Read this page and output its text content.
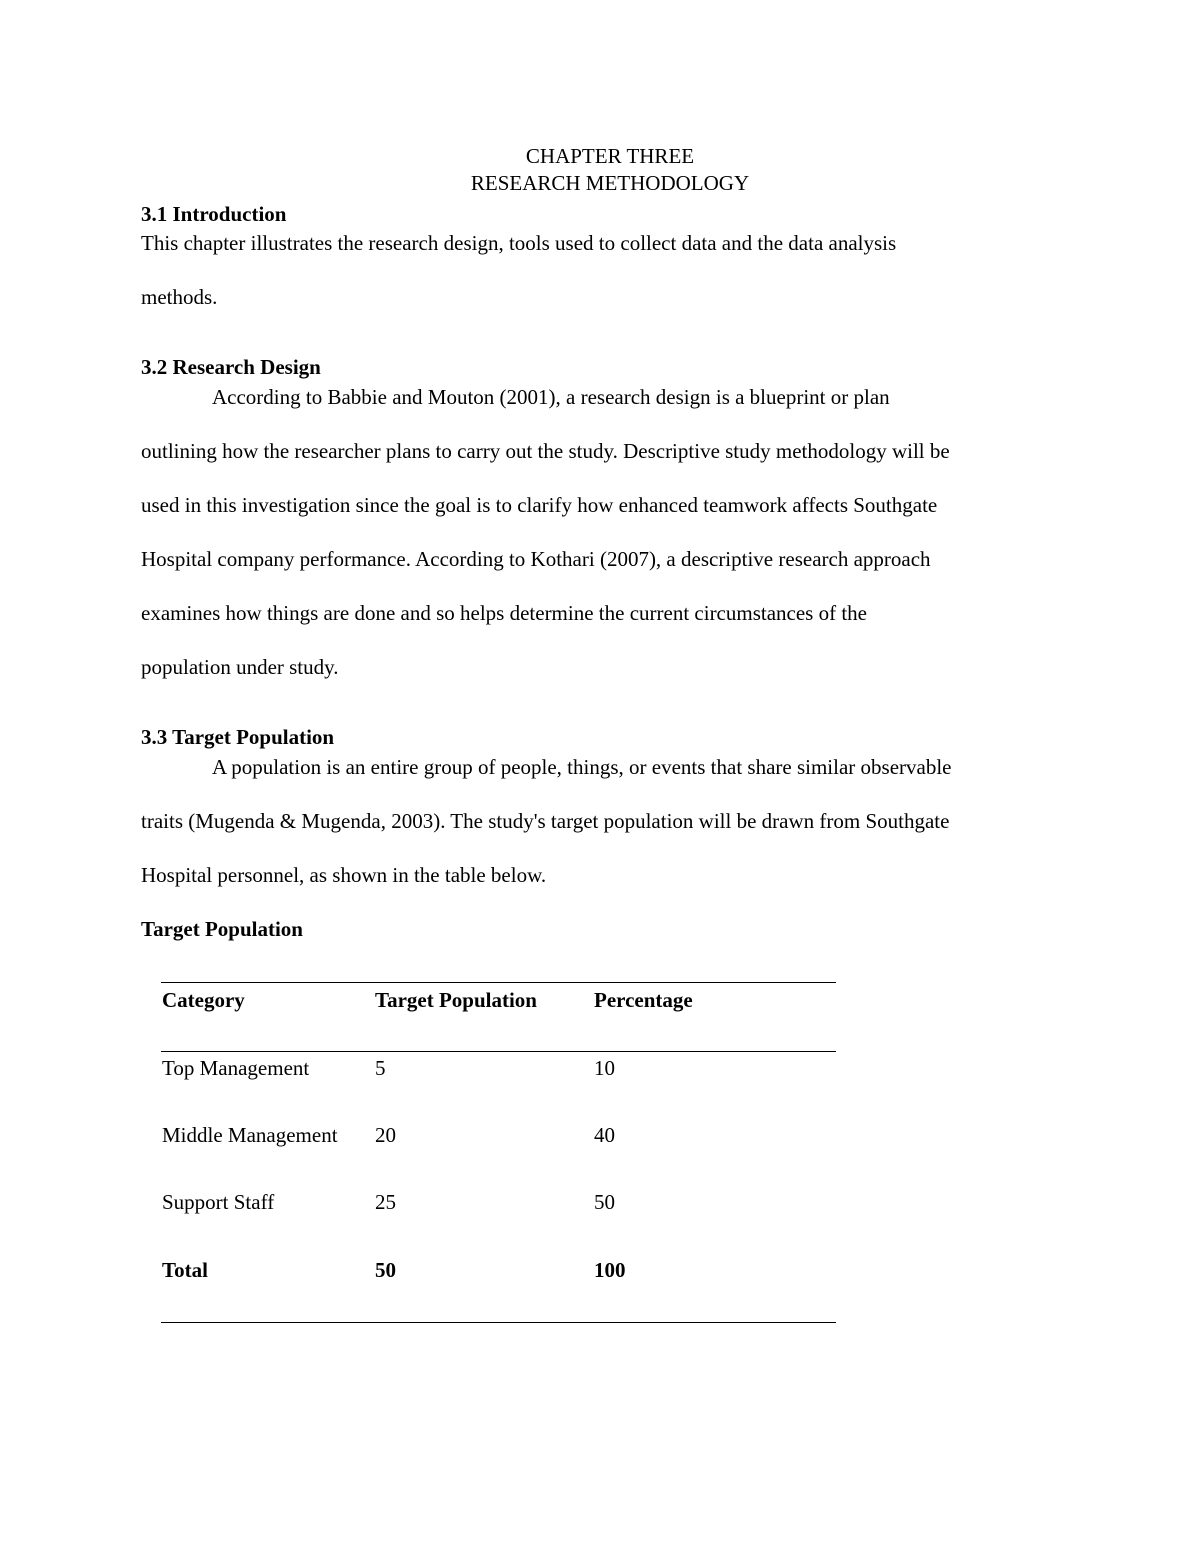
CHAPTER THREE
RESEARCH METHODOLOGY
3.1 Introduction
This chapter illustrates the research design, tools used to collect data and the data analysis
methods.
3.2 Research Design
According to Babbie and Mouton (2001), a research design is a blueprint or plan
outlining how the researcher plans to carry out the study. Descriptive study methodology will be
used in this investigation since the goal is to clarify how enhanced teamwork affects Southgate
Hospital company performance. According to Kothari (2007), a descriptive research approach
examines how things are done and so helps determine the current circumstances of the
population under study.
3.3 Target Population
A population is an entire group of people, things, or events that share similar observable
traits (Mugenda & Mugenda, 2003). The study's target population will be drawn from Southgate
Hospital personnel, as shown in the table below.
Target Population
Category	Target Population	Percentage
Top Management	5	10
Middle Management 20	40
Support Staff	25	50
Total	50	100
